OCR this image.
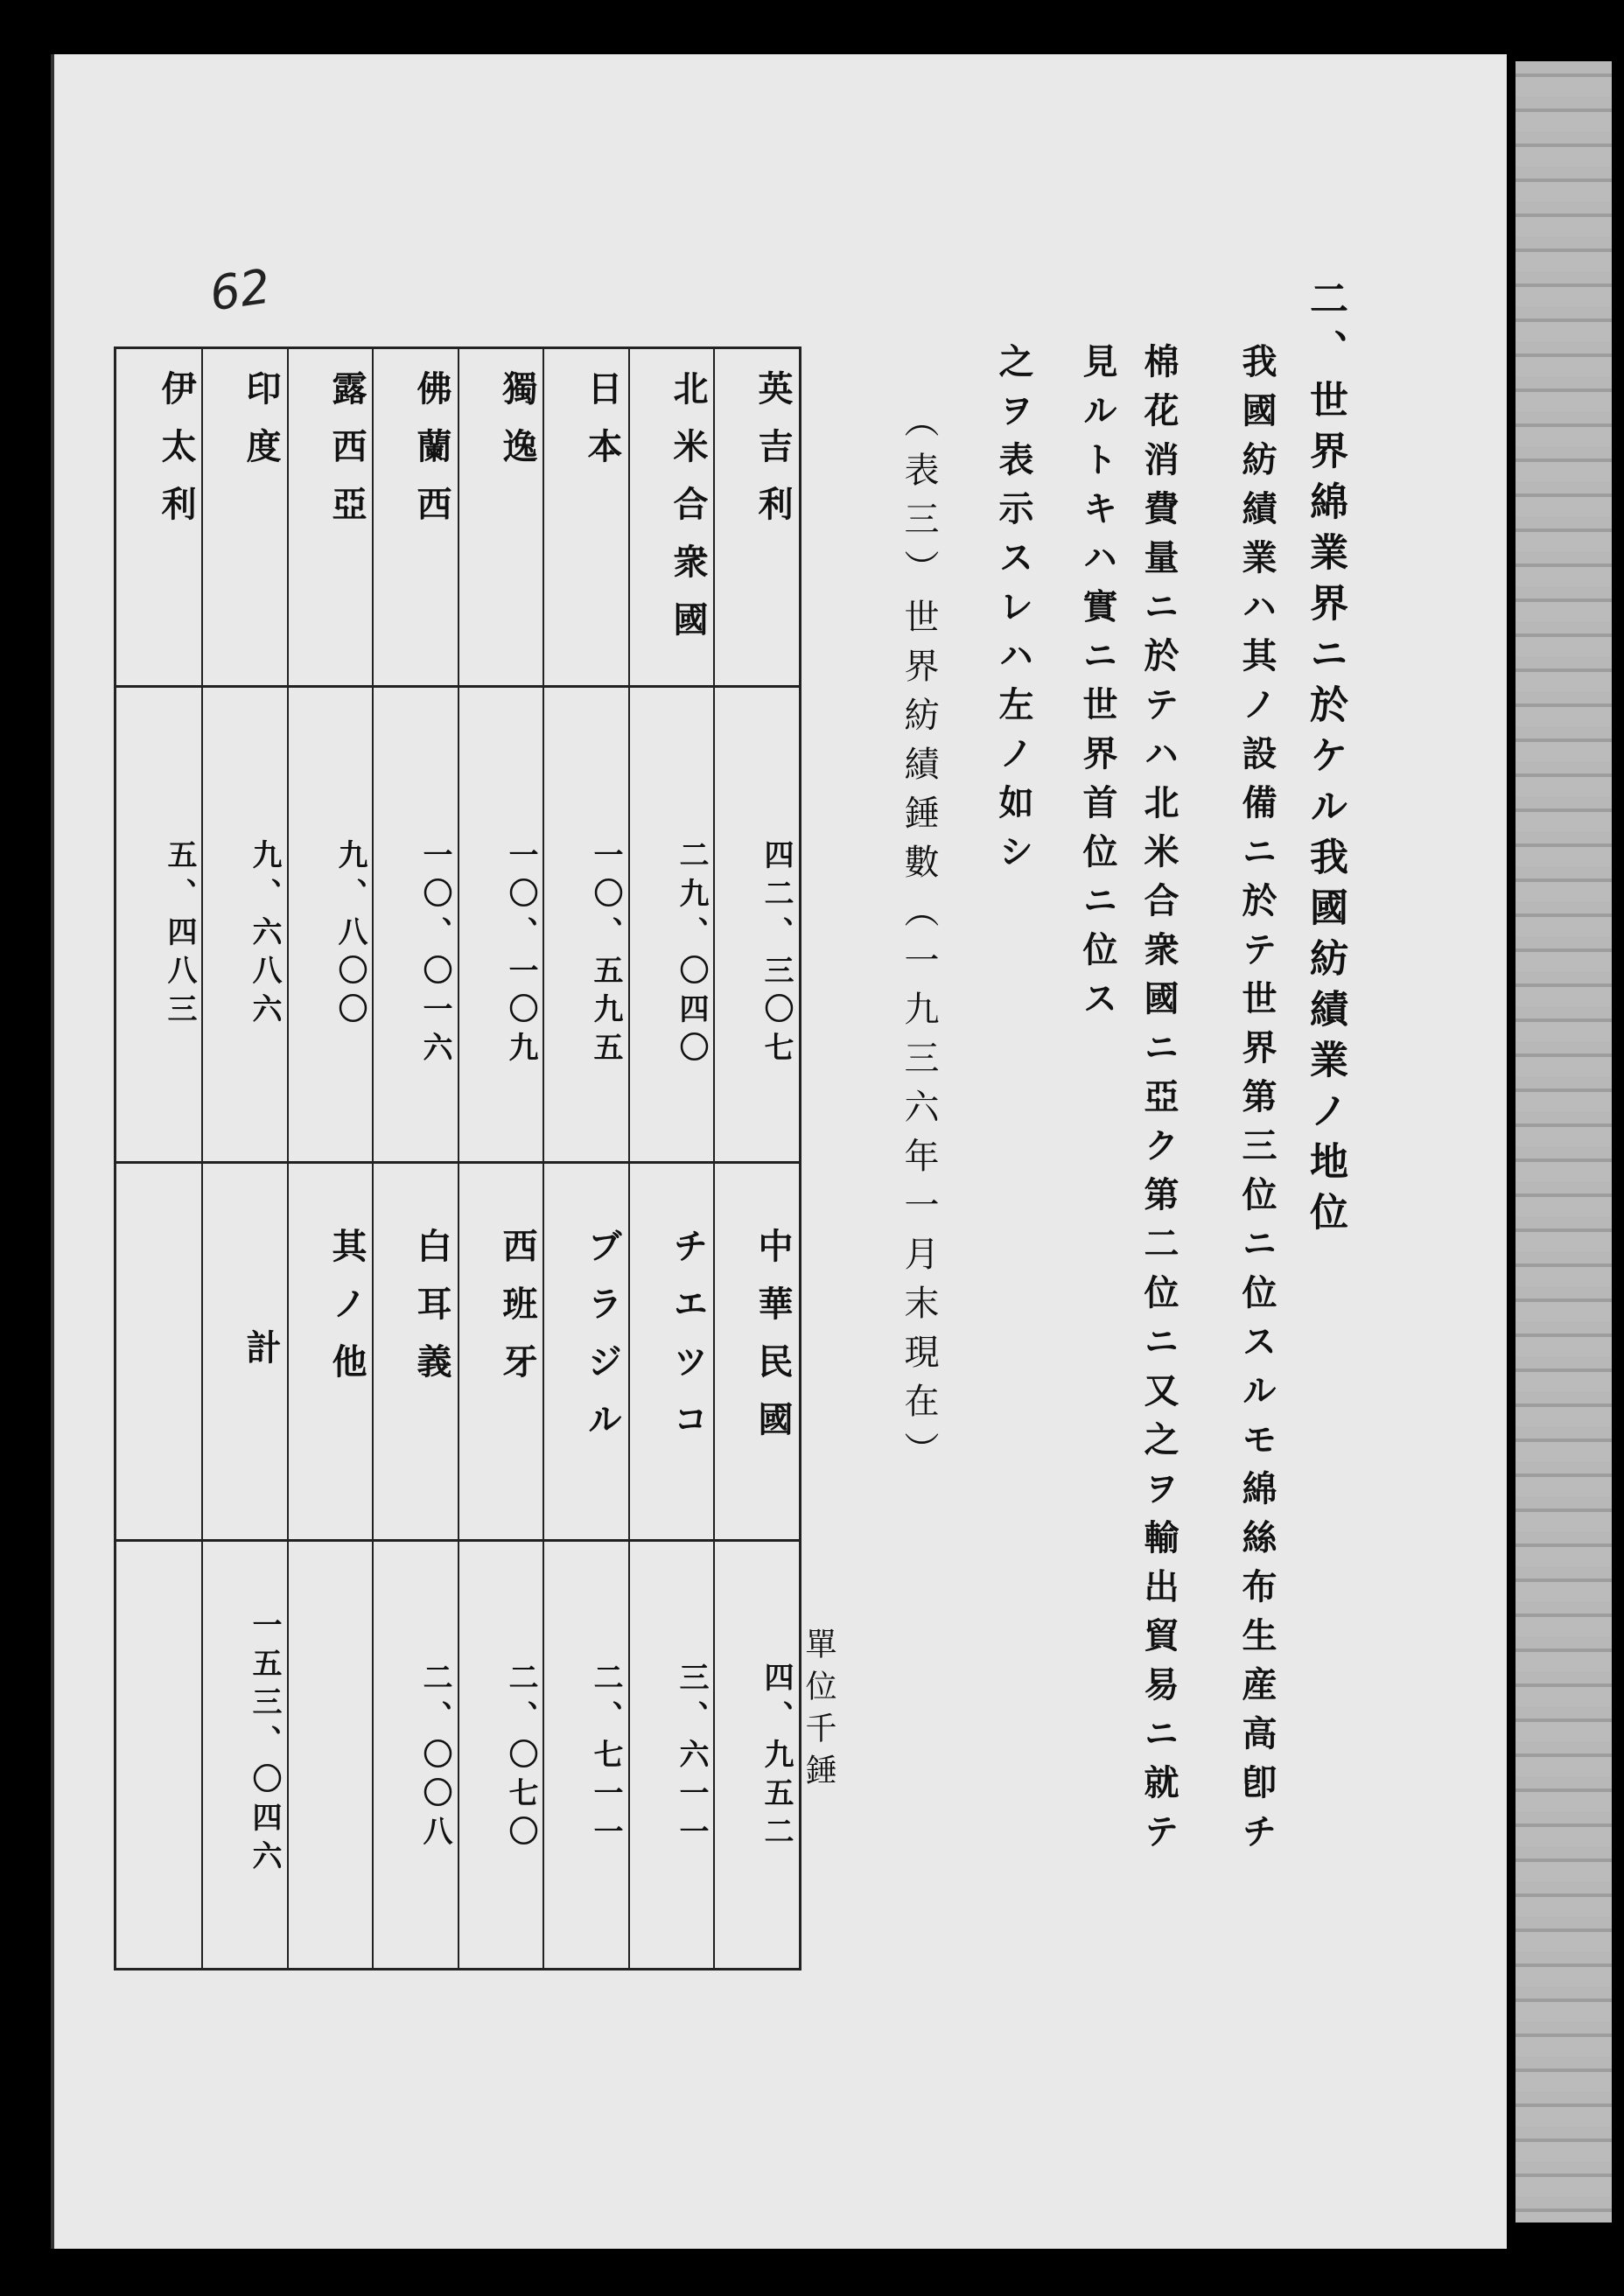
62	二、世界綿業界ニ於ケル我國紡績業ノ地位
我國紡績業ハ其ノ設備ニ於テ世界第三位ニ位スルモ綿絲布生産高卽チ
棉花消費量ニ於テハ北米合衆國ニ亞ク第二位ニ又之ヲ輸出貿易ニ就テ
見ルトキハ實ニ世界首位ニ位ス
之ヲ表示スレハ左ノ如シ
（表三）世界紡績錘數（一九三六年一月末現在）
單位千錘
英吉利
北米合衆國
日本
獨逸
佛蘭西
露西亞
印度
伊太利
四二、三〇七
二九、〇四〇
一〇、五九五
一〇、一〇九
一〇、〇一六
九、八〇〇
九、六八六
五、四八三
中華民國
チエツコ
ブラジル
西班牙
白耳義
其ノ他
計
四、九五二
三、六一一
二、七一一
二、〇七〇
二、〇〇八
一五三、〇四六
